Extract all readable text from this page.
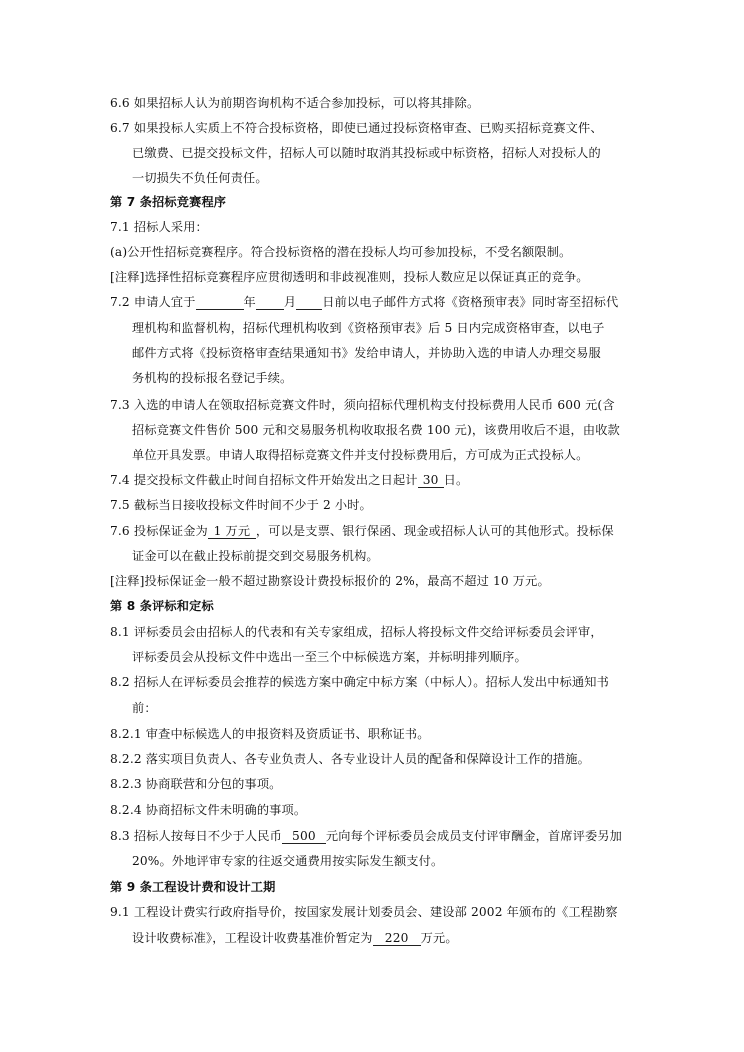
6.6 如果招标人认为前期咨询机构不适合参加投标，可以将其排除。
6.7 如果投标人实质上不符合投标资格，即使已通过投标资格审查、已购买招标竞赛文件、
已缴费、已提交投标文件，招标人可以随时取消其投标或中标资格，招标人对投标人的
一切损失不负任何责任。
第 7 条招标竞赛程序
7.1 招标人采用：
(a)公开性招标竞赛程序。符合投标资格的潜在投标人均可参加投标，不受名额限制。
[注释]选择性招标竞赛程序应贯彻透明和非歧视准则，投标人数应足以保证真正的竞争。
7.2 申请人宜于	年 月 日前以电子邮件方式将《资格预审表》同时寄至招标代
理机构和监督机构，招标代理机构收到《资格预审表》后 5 日内完成资格审查，以电子
邮件方式将《投标资格审查结果通知书》发给申请人，并协助入选的申请人办理交易服
务机构的投标报名登记手续。
7.3 入选的申请人在领取招标竞赛文件时，须向招标代理机构支付投标费用人民币 600 元(含
招标竞赛文件售价 500 元和交易服务机构收取报名费 100 元)，该费用收后不退，由收款
单位开具发票。申请人取得招标竞赛文件并支付投标费用后，方可成为正式投标人。
7.4 提交投标文件截止时间自招标文件开始发出之日起计 30 日。
7.5 截标当日接收投标文件时间不少于 2 小时。
7.6 投标保证金为 1 万元 ，可以是支票、银行保函、现金或招标人认可的其他形式。投标保
证金可以在截止投标前提交到交易服务机构。
[注释]投标保证金一般不超过勘察设计费投标报价的 2%，最高不超过 10 万元。
第 8 条评标和定标
8.1 评标委员会由招标人的代表和有关专家组成，招标人将投标文件交给评标委员会评审，
评标委员会从投标文件中选出一至三个中标候选方案，并标明排列顺序。
8.2 招标人在评标委员会推荐的候选方案中确定中标方案（中标人）。招标人发出中标通知书
前：
8.2.1 审查中标候选人的申报资料及资质证书、职称证书。
8.2.2 落实项目负责人、各专业负责人、各专业设计人员的配备和保障设计工作的措施。
8.2.3 协商联营和分包的事项。
8.2.4 协商招标文件未明确的事项。
8.3 招标人按每日不少于人民币 500 元向每个评标委员会成员支付评审酬金，首席评委另加
20%。外地评审专家的往返交通费用按实际发生额支付。
第 9 条工程设计费和设计工期
9.1 工程设计费实行政府指导价，按国家发展计划委员会、建设部 2002 年颁布的《工程勘察
设计收费标准》，工程设计收费基准价暂定为 220 万元。
